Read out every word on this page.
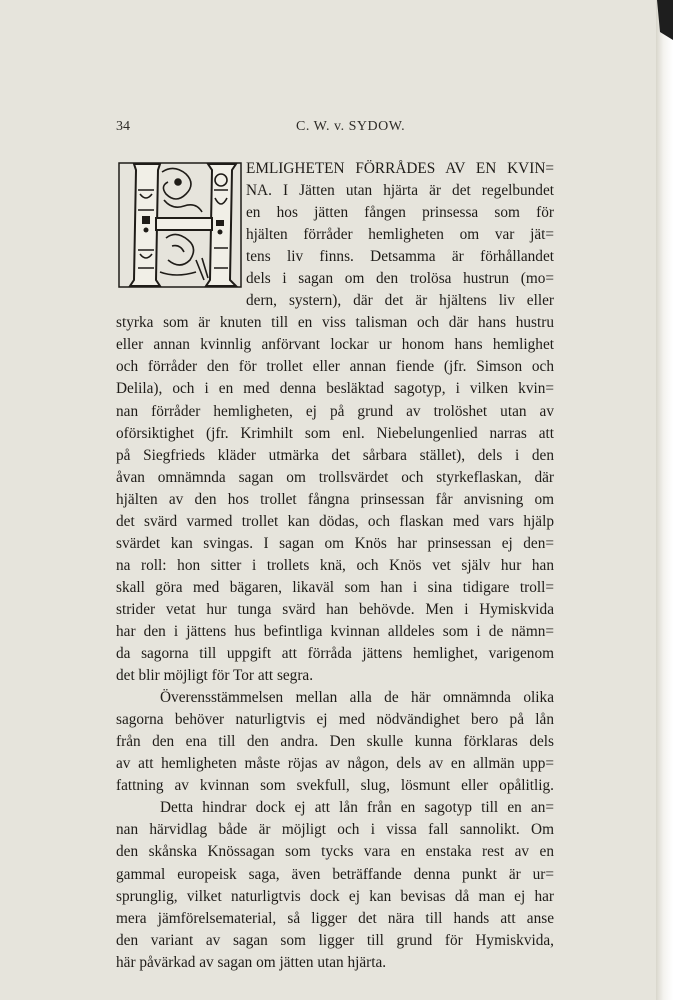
34	C. W. v. SYDOW.
EMLIGHETEN FÖRRÅDES AV EN KVIN=
NA. I Jätten utan hjärta är det regelbundet
en hos jätten fången prinsessa som för
hjälten förråder hemligheten om var jät=
tens liv finns. Detsamma är förhållandet
dels i sagan om den trolösa hustrun (mo=
dern, systern), där det är hjältens liv eller
styrka som är knuten till en viss talisman och där hans hustru
eller annan kvinnlig anförvant lockar ur honom hans hemlighet
och förråder den för trollet eller annan fiende (jfr. Simson och
Delila), och i en med denna besläktad sagotyp, i vilken kvin=
nan förråder hemligheten, ej på grund av trolöshet utan av
oförsiktighet (jfr. Krimhilt som enl. Niebelungenlied narras att
på Siegfrieds kläder utmärka det sårbara stället), dels i den
åvan omnämnda sagan om trollsvärdet och styrkeflaskan, där
hjälten av den hos trollet fångna prinsessan får anvisning om
det svärd varmed trollet kan dödas, och flaskan med vars hjälp
svärdet kan svingas. I sagan om Knös har prinsessan ej den=
na roll: hon sitter i trollets knä, och Knös vet själv hur han
skall göra med bägaren, likaväl som han i sina tidigare troll=
strider vetat hur tunga svärd han behövde. Men i Hymiskvida
har den i jättens hus befintliga kvinnan alldeles som i de nämn=
da sagorna till uppgift att förråda jättens hemlighet, varigenom
det blir möjligt för Tor att segra.
Överensstämmelsen mellan alla de här omnämnda olika
sagorna behöver naturligtvis ej med nödvändighet bero på lån
från den ena till den andra. Den skulle kunna förklaras dels
av att hemligheten måste röjas av någon, dels av en allmän upp=
fattning av kvinnan som svekfull, slug, lösmunt eller opålitlig.
Detta hindrar dock ej att lån från en sagotyp till en an=
nan härvidlag både är möjligt och i vissa fall sannolikt. Om
den skånska Knössagan som tycks vara en enstaka rest av en
gammal europeisk saga, även beträffande denna punkt är ur=
sprunglig, vilket naturligtvis dock ej kan bevisas då man ej har
mera jämförelsematerial, så ligger det nära till hands att anse
den variant av sagan som ligger till grund för Hymiskvida,
här påvärkad av sagan om jätten utan hjärta.
